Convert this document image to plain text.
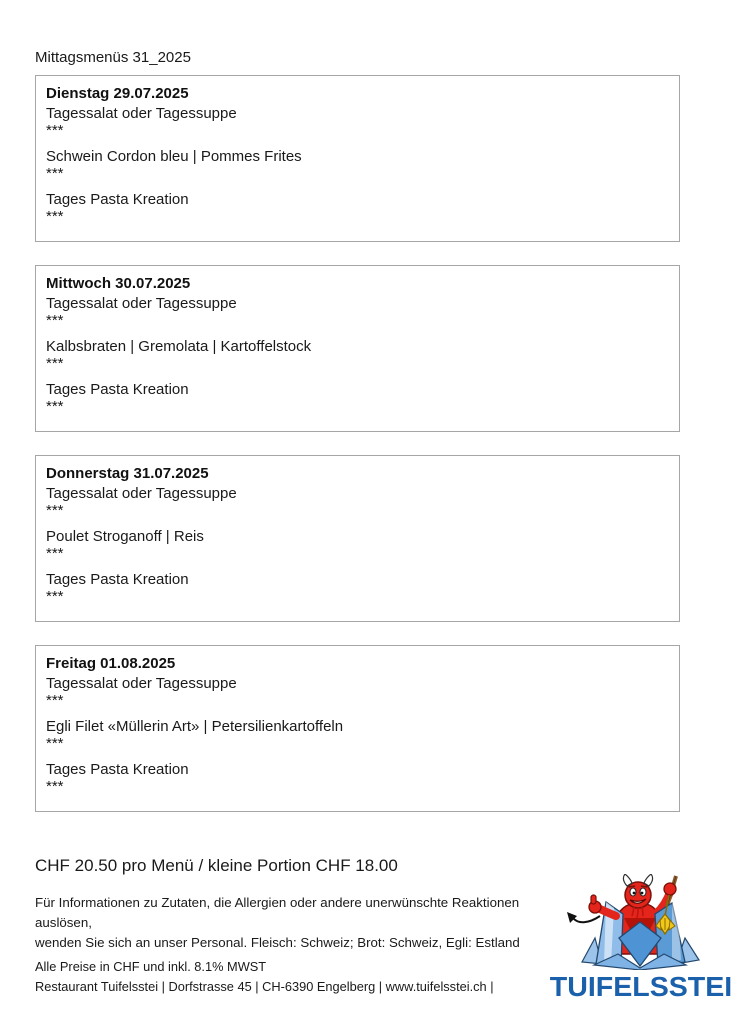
Mittagsmenüs 31_2025
Dienstag 29.07.2025

Tagessalat oder Tagessuppe

***

Schwein Cordon bleu | Pommes Frites

***

Tages Pasta Kreation

***

Mittwoch 30.07.2025

Tagessalat oder Tagessuppe

***

Kalbsbraten | Gremolata | Kartoffelstock

***

Tages Pasta Kreation

***

Donnerstag 31.07.2025

Tagessalat oder Tagessuppe

***

Poulet Stroganoff | Reis

***

Tages Pasta Kreation

***

Freitag 01.08.2025

Tagessalat oder Tagessuppe

***

Egli Filet «Müllerin Art» | Petersilienkartoffeln

***

Tages Pasta Kreation

***

CHF 20.50 pro Menü / kleine Portion CHF 18.00

Für Informationen zu Zutaten, die Allergien oder andere unerwünschte Reaktionen auslösen,
wenden Sie sich an unser Personal. Fleisch: Schweiz; Brot: Schweiz, Egli: Estland

Alle Preise in CHF und inkl. 8.1% MWST

Restaurant Tuifelsstei | Dorfstrasse 45 | CH-6390 Engelberg | www.tuifelsstei.ch | TUIFELSSTEI
